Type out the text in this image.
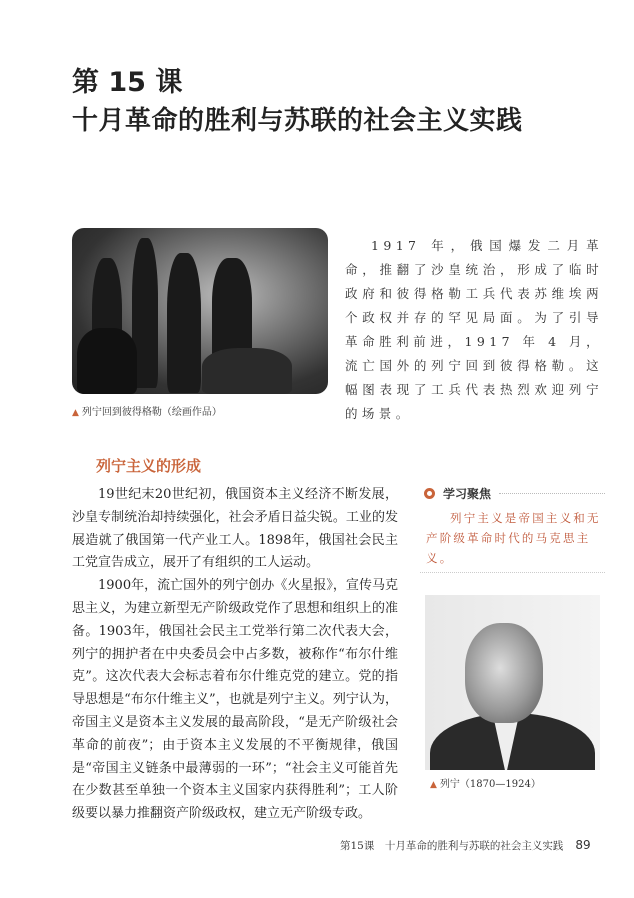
第 15 课
十月革命的胜利与苏联的社会主义实践
▲ 列宁回到彼得格勒（绘画作品）
1917 年，俄国爆发二月革命，推翻了沙皇统治，形成了临时政府和彼得格勒工兵代表苏维埃两个政权并存的罕见局面。为了引导革命胜利前进，1917 年 4 月，流亡国外的列宁回到彼得格勒。这幅图表现了工兵代表热烈欢迎列宁的场景。
列宁主义的形成

19世纪末20世纪初，俄国资本主义经济不断发展，沙皇专制统治却持续强化，社会矛盾日益尖锐。工业的发展造就了俄国第一代产业工人。1898年，俄国社会民主工党宣告成立，展开了有组织的工人运动。

1900年，流亡国外的列宁创办《火星报》，宣传马克思主义，为建立新型无产阶级政党作了思想和组织上的准备。1903年，俄国社会民主工党举行第二次代表大会，列宁的拥护者在中央委员会中占多数，被称作“布尔什维克”。这次代表大会标志着布尔什维克党的建立。党的指导思想是“布尔什维主义”，也就是列宁主义。列宁认为，帝国主义是资本主义发展的最高阶段，“是无产阶级社会革命的前夜”；由于资本主义发展的不平衡规律，俄国是“帝国主义链条中最薄弱的一环”；“社会主义可能首先在少数甚至单独一个资本主义国家内获得胜利”；工人阶级要以暴力推翻资产阶级政权，建立无产阶级专政。

学习聚焦
列宁主义是帝国主义和无产阶级革命时代的马克思主义。
▲ 列宁（1870—1924）
第15课　十月革命的胜利与苏联的社会主义实践 89
